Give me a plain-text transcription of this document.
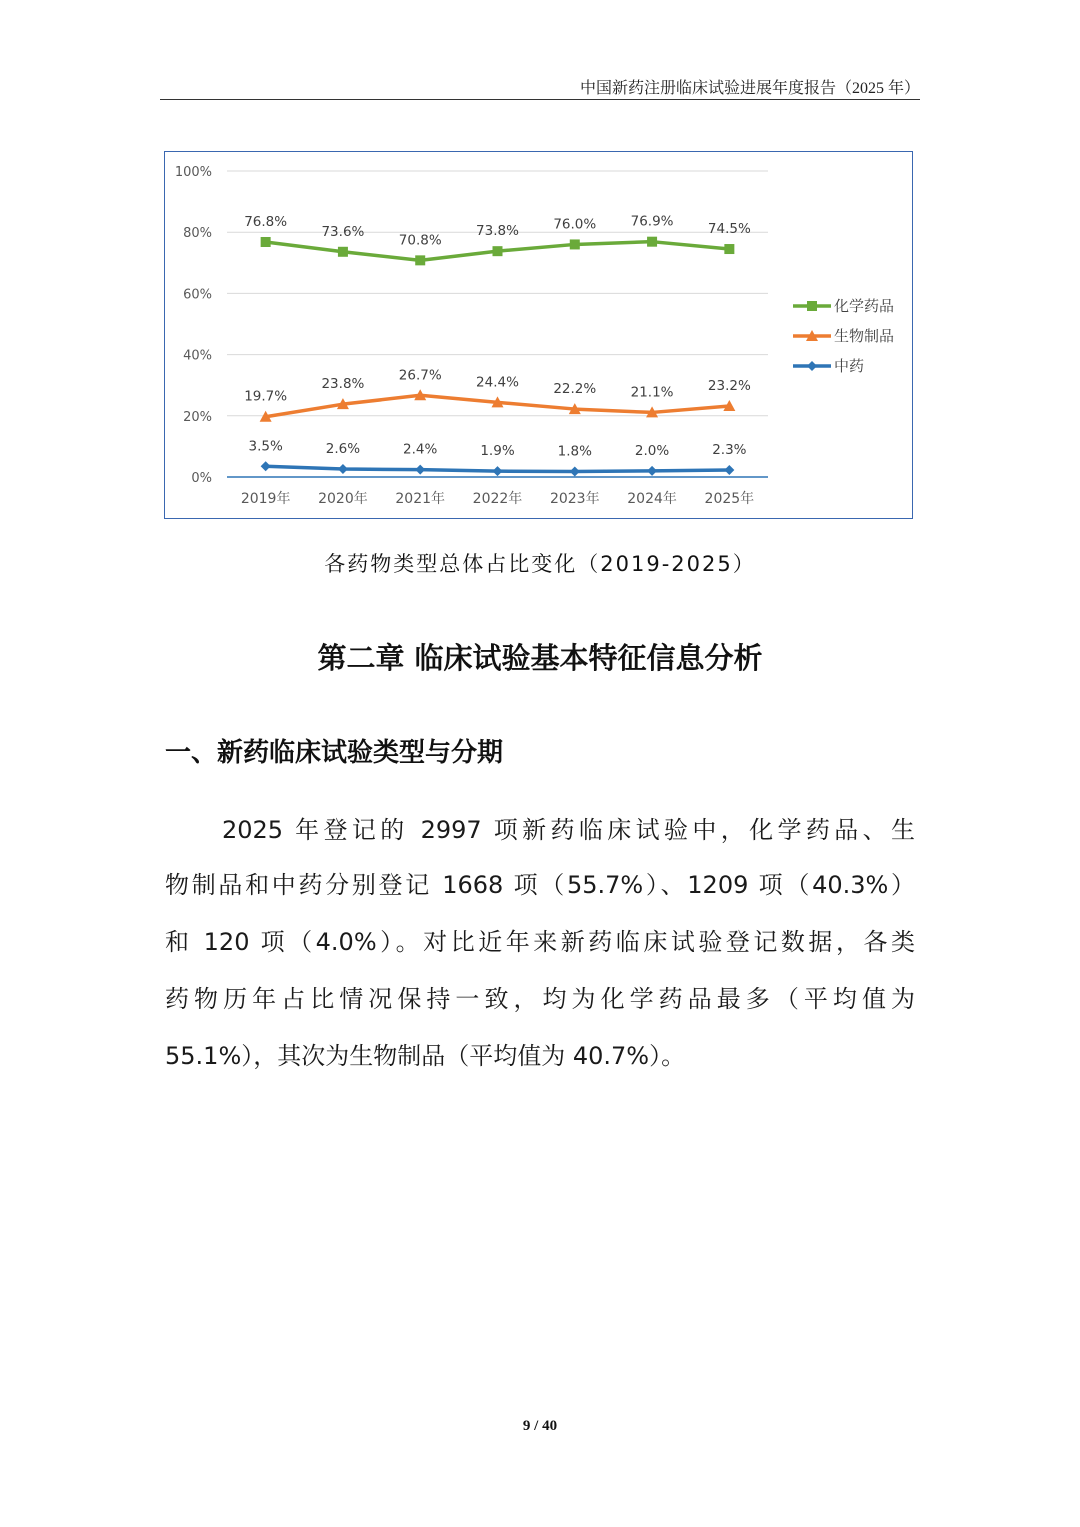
中国新药注册临床试验进展年度报告（2025 年）
0%
20%
40%
60%
80%
100%
2019年 2020年 2021年 2022年 2023年 2024年 2025年
76.8%
73.6%
70.8%
73.8%	76.0%	76.9%	74.5%
19.7%
23.8%
26.7%	24.4%	22.2%	21.1%	23.2%
3.5%	2.6%	2.4%	1.9%	1.8%	2.0%	2.3%
化学药品
生物制品
中药
各药物类型总体占比变化（2019-2025）
第二章 临床试验基本特征信息分析
一、新药临床试验类型与分期
2025 年登记的 2997 项新药临床试验中，化学药品、生
物制品和中药分别登记 1668 项（55.7%）、1209 项（40.3%）
和 120 项（4.0%）。对比近年来新药临床试验登记数据，各类
药物历年占比情况保持一致，均为化学药品最多（平均值为
55.1%），其次为生物制品（平均值为 40.7%）。
9 / 40
